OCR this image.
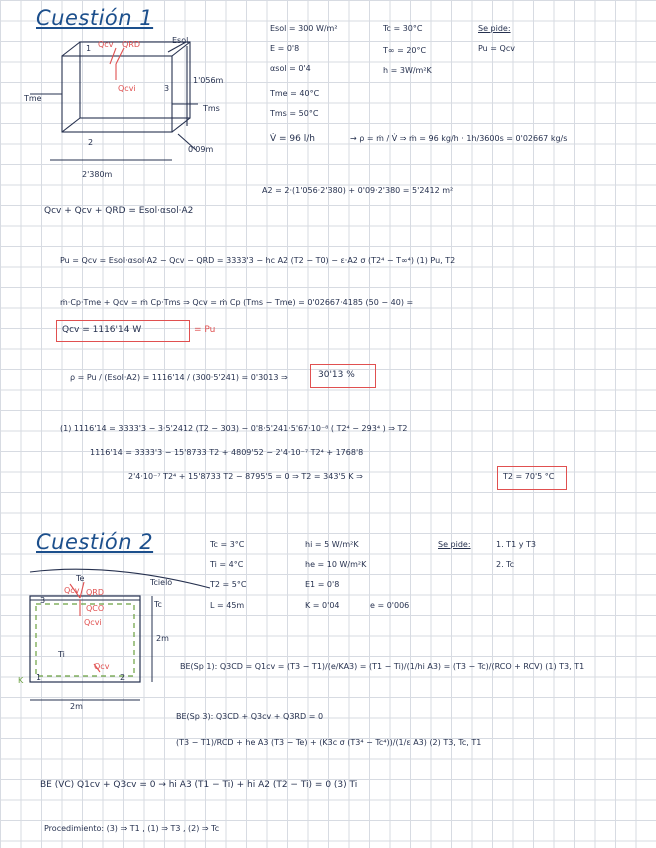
Cuestión 1
Esol
Tme
Tms
1'056m
0'09m
2'380m
1
2
3
Qcv QRD
Qcvi
Esol = 300 W/m²
E = 0'8
αsol = 0'4
Tme = 40°C
Tms = 50°C
V̇ = 96 l/h
Tc = 30°C
T∞ = 20°C
h = 3W/m²K
Se pide:
Pu = Qcv
→ ρ = ṁ / V̇ ⇒ ṁ = 96 kg/h · 1h/3600s = 0'02667 kg/s
A2 = 2·(1'056·2'380) + 0'09·2'380 = 5'2412 m²
Qcv + Qcv + QRD = Esol·αsol·A2
Pu = Qcv = Esol·αsol·A2 − Qcv − QRD = 3333'3 − hc A2 (T2 − T0) − ε·A2 σ (T2⁴ − T∞⁴) (1) Pu, T2
ṁ·Cp·Tme + Qcv = ṁ Cp·Tms ⇒ Qcv = ṁ Cp (Tms − Tme) = 0'02667·4185 (50 − 40) =
Qcv = 1116'14 W	= Pu
ρ = Pu / (Esol·A2) = 1116'14 / (300·5'241) = 0'3013 ⇒	30'13 %
(1) 1116'14 = 3333'3 − 3·5'2412 (T2 − 303) − 0'8·5'241·5'67·10⁻⁸ ( T2⁴ − 293⁴ ) ⇒ T2
1116'14 = 3333'3 − 15'8733 T2 + 4809'52 − 2'4·10⁻⁷ T2⁴ + 1768'8
2'4·10⁻⁷ T2⁴ + 15'8733 T2 − 8795'5 = 0 ⇒ T2 = 343'5 K ⇒	T2 = 70'5 °C
Cuestión 2
Te	Tcielo
Tc
Ti
2m
2m
3
1	2
K
Qcv QRD
QCO
Qcvi
Qcv
Tc = 3°C
Ti = 4°C
T2 = 5°C
L = 45m
hi = 5 W/m²K
he = 10 W/m²K
E1 = 0'8
K = 0'04	e = 0'006
Se pide:	1. T1 y T3
2. Tc
BE(Sp 1): Q3CD = Q1cv = (T3 − T1)/(e/KA3) = (T1 − Ti)/(1/hi A3) = (T3 − Tc)/(RCO + RCV) (1) T3, T1
BE(Sp 3): Q3CD + Q3cv + Q3RD = 0
(T3 − T1)/RCD + he A3 (T3 − Te) + (K3c σ (T3⁴ − Tc⁴))/(1/ε A3) (2) T3, Tc, T1
BE (VC) Q1cv + Q3cv = 0 → hi A3 (T1 − Ti) + hi A2 (T2 − Ti) = 0 (3) Ti
Procedimiento: (3) ⇒ T1 , (1) ⇒ T3 , (2) ⇒ Tc
